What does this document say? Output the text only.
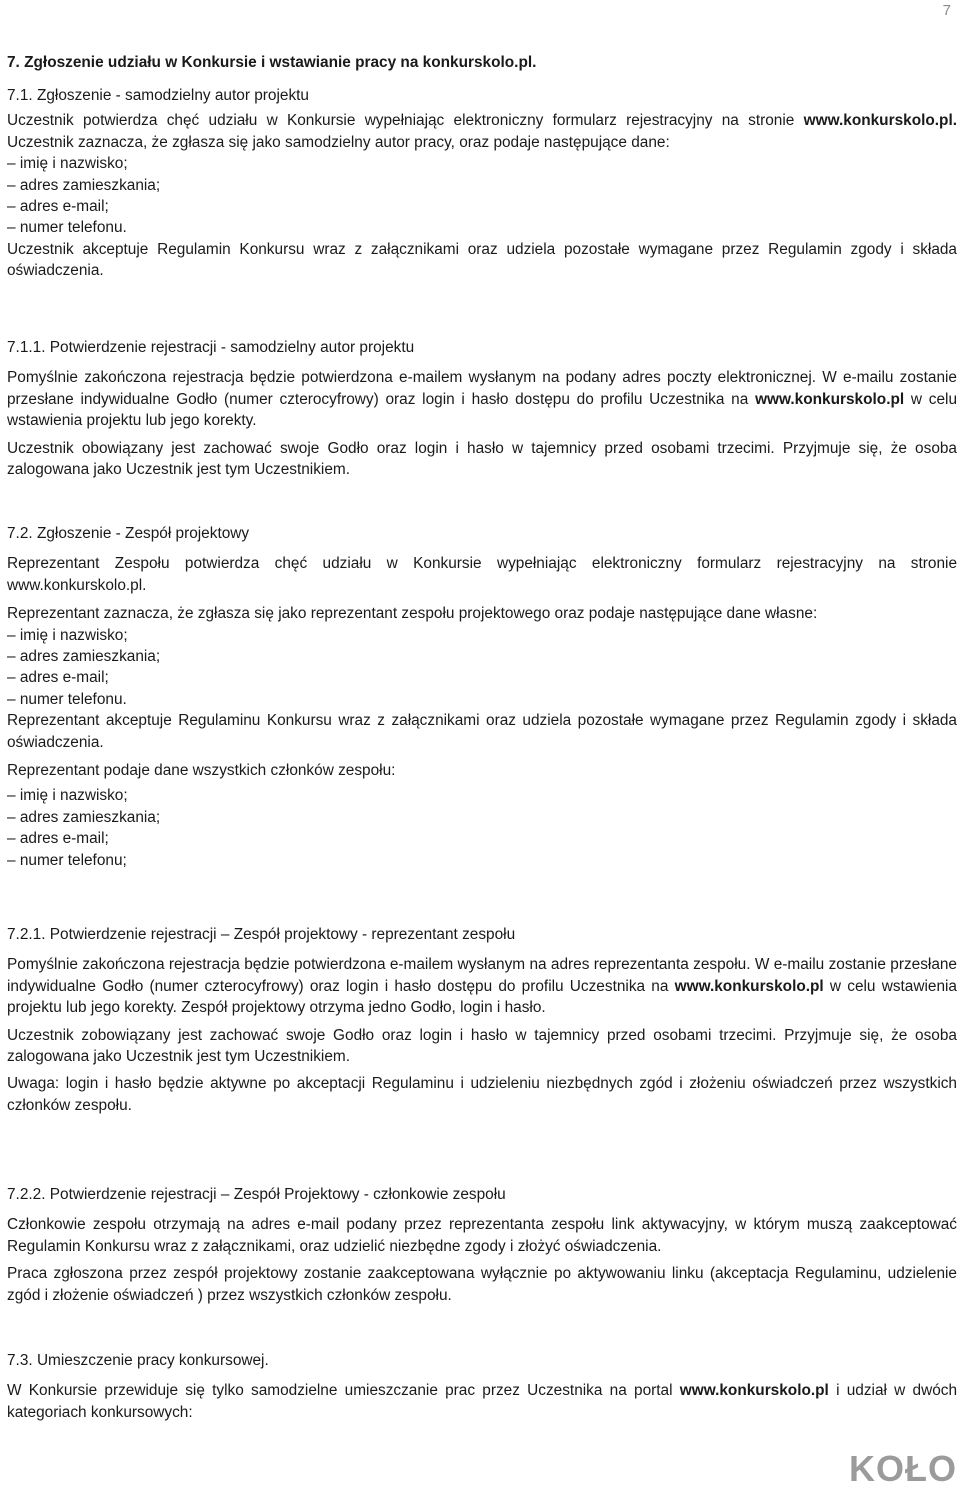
7
7. Zgłoszenie udziału w Konkursie i wstawianie pracy na konkurskolo.pl.
7.1. Zgłoszenie - samodzielny autor projektu

Uczestnik potwierdza chęć udziału w Konkursie wypełniając elektroniczny formularz rejestracyjny na stronie www.konkurskolo.pl. Uczestnik zaznacza, że zgłasza się jako samodzielny autor pracy, oraz podaje następujące dane:

– imię i nazwisko;
– adres zamieszkania;
– adres e-mail;
– numer telefonu.

Uczestnik akceptuje Regulamin Konkursu wraz z załącznikami oraz udziela pozostałe wymagane przez Regulamin zgody i składa oświadczenia.

7.1.1. Potwierdzenie rejestracji - samodzielny autor projektu

Pomyślnie zakończona rejestracja będzie potwierdzona e-mailem wysłanym na podany adres poczty elektronicznej. W e-mailu zostanie przesłane indywidualne Godło (numer czterocyfrowy) oraz login i hasło dostępu do profilu Uczestnika na www.konkurskolo.pl w celu wstawienia projektu lub jego korekty.

Uczestnik obowiązany jest zachować swoje Godło oraz login i hasło w tajemnicy przed osobami trzecimi. Przyjmuje się, że osoba zalogowana jako Uczestnik jest tym Uczestnikiem.

7.2. Zgłoszenie - Zespół projektowy

Reprezentant Zespołu potwierdza chęć udziału w Konkursie wypełniając elektroniczny formularz rejestracyjny na stronie www.konkurskolo.pl.

Reprezentant zaznacza, że zgłasza się jako reprezentant zespołu projektowego oraz podaje następujące dane własne:

– imię i nazwisko;
– adres zamieszkania;
– adres e-mail;
– numer telefonu.

Reprezentant akceptuje Regulaminu Konkursu wraz z załącznikami oraz udziela pozostałe wymagane przez Regulamin zgody i składa oświadczenia.

Reprezentant podaje dane wszystkich członków zespołu:

– imię i nazwisko;
– adres zamieszkania;
– adres e-mail;
– numer telefonu;
7.2.1. Potwierdzenie rejestracji – Zespół projektowy - reprezentant zespołu

Pomyślnie zakończona rejestracja będzie potwierdzona e-mailem wysłanym na adres reprezentanta zespołu. W e-mailu zostanie przesłane indywidualne Godło (numer czterocyfrowy) oraz login i hasło dostępu do profilu Uczestnika na www.konkurskolo.pl w celu wstawienia projektu lub jego korekty. Zespół projektowy otrzyma jedno Godło, login i hasło.

Uczestnik zobowiązany jest zachować swoje Godło oraz login i hasło w tajemnicy przed osobami trzecimi. Przyjmuje się, że osoba zalogowana jako Uczestnik jest tym Uczestnikiem.

Uwaga: login i hasło będzie aktywne po akceptacji Regulaminu i udzieleniu niezbędnych zgód i złożeniu oświadczeń przez wszystkich członków zespołu.

7.2.2. Potwierdzenie rejestracji – Zespół Projektowy - członkowie zespołu

Członkowie zespołu otrzymają na adres e-mail podany przez reprezentanta zespołu link aktywacyjny, w którym muszą zaakceptować Regulamin Konkursu wraz z załącznikami, oraz udzielić niezbędne zgody i złożyć oświadczenia.

Praca zgłoszona przez zespół projektowy zostanie zaakceptowana wyłącznie po aktywowaniu linku (akceptacja Regulaminu, udzielenie zgód i złożenie oświadczeń ) przez wszystkich członków zespołu.

7.3. Umieszczenie pracy konkursowej.

W Konkursie przewiduje się tylko samodzielne umieszczanie prac przez Uczestnika na portal www.konkurskolo.pl i udział w dwóch kategoriach konkursowych:

KOŁO
